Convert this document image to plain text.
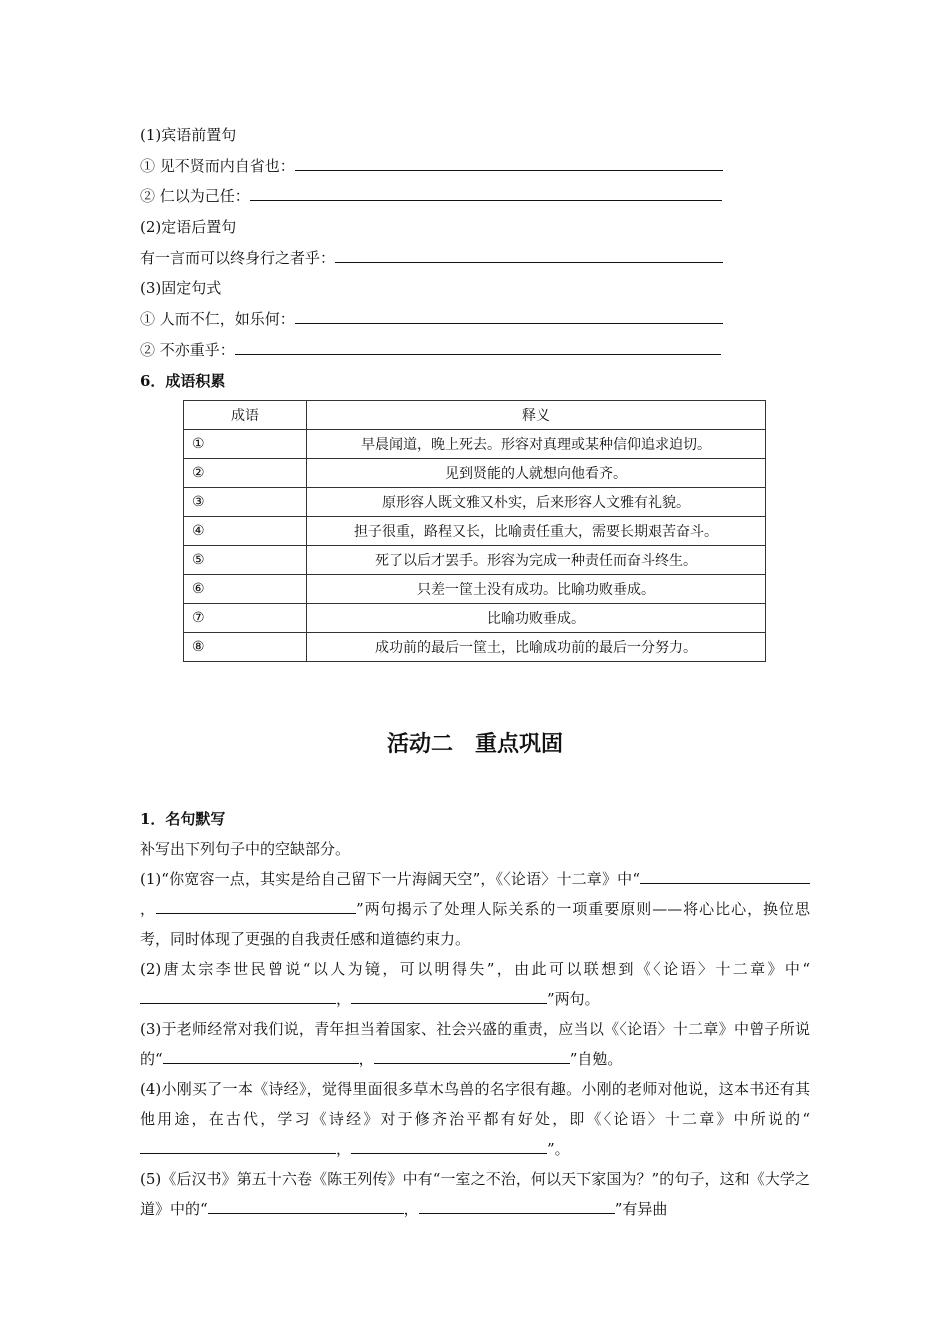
(1)宾语前置句
① 见不贤而内自省也：
② 仁以为己任：
(2)定语后置句
有一言而可以终身行之者乎：
(3)固定句式
① 人而不仁，如乐何：
② 不亦重乎：
6．成语积累
成语	释义
①	早晨闻道，晚上死去。形容对真理或某种信仰追求迫切。
②	见到贤能的人就想向他看齐。
③	原形容人既文雅又朴实，后来形容人文雅有礼貌。
④	担子很重，路程又长，比喻责任重大，需要长期艰苦奋斗。
⑤	死了以后才罢手。形容为完成一种责任而奋斗终生。
⑥	只差一筐土没有成功。比喻功败垂成。
⑦	比喻功败垂成。
⑧	成功前的最后一筐土，比喻成功前的最后一分努力。
活动二　重点巩固
1．名句默写
补写出下列句子中的空缺部分。
(1)“你宽容一点，其实是给自己留下一片海阔天空”，《〈论语〉十二章》中“，	”两句揭示了处理人际关系的一项重要原则——将心比心，换位思考，同时体现了更强的自我责任感和道德约束力。
(2)唐太宗李世民曾说“以人为镜，可以明得失”，由此可以联想到《〈论语〉十二章》中“，	”两句。
(3)于老师经常对我们说，青年担当着国家、社会兴盛的重责，应当以《〈论语〉十二章》中曾子所说的“	，	”自勉。
(4)小刚买了一本《诗经》，觉得里面很多草木鸟兽的名字很有趣。小刚的老师对他说，这本书还有其他用途，在古代，学习《诗经》对于修齐治平都有好处，即《〈论语〉十二章》中所说的“，	”。
(5)《后汉书》第五十六卷《陈王列传》中有“一室之不治，何以天下家国为？”的句子，这和《大学之道》中的“	，	”有异曲
